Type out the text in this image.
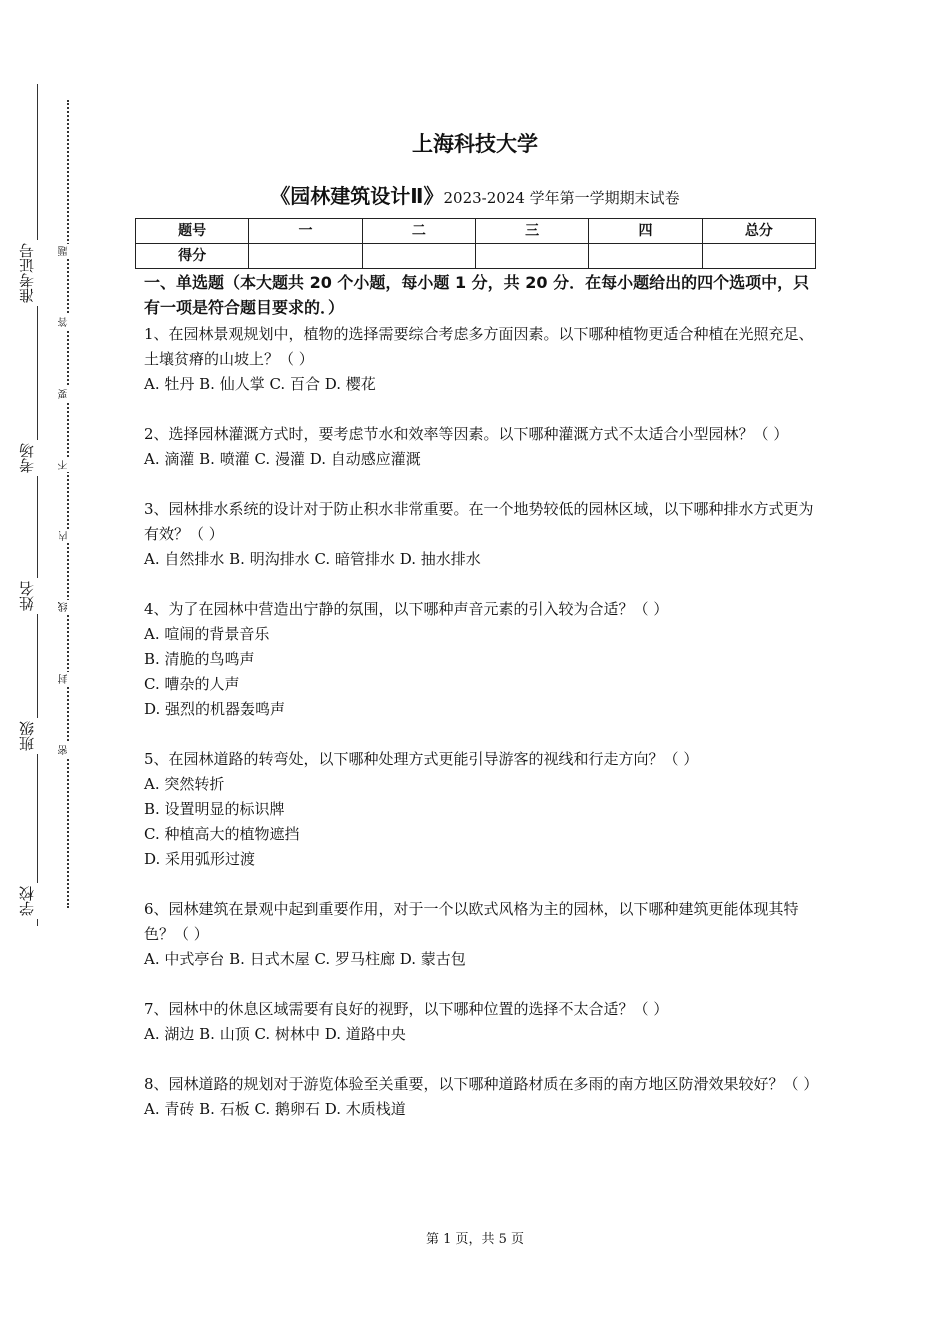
准考证号
考场
姓名
班级
学校
题
答
要
不
内
线
封
密
上海科技大学
《园林建筑设计Ⅱ》2023-2024 学年第一学期期末试卷
题号	一	二	三	四	总分
得分					
一、单选题（本大题共 20 个小题，每小题 1 分，共 20 分．在每小题给出的四个选项中，只有一项是符合题目要求的．）
1、在园林景观规划中，植物的选择需要综合考虑多方面因素。以下哪种植物更适合种植在光照充足、土壤贫瘠的山坡上？（ ）
A. 牡丹 B. 仙人掌 C. 百合 D. 樱花
2、选择园林灌溉方式时，要考虑节水和效率等因素。以下哪种灌溉方式不太适合小型园林？（ ）
A. 滴灌 B. 喷灌 C. 漫灌 D. 自动感应灌溉
3、园林排水系统的设计对于防止积水非常重要。在一个地势较低的园林区域，以下哪种排水方式更为有效？（ ）
A. 自然排水 B. 明沟排水 C. 暗管排水 D. 抽水排水
4、为了在园林中营造出宁静的氛围，以下哪种声音元素的引入较为合适？（ ）
A. 喧闹的背景音乐
B. 清脆的鸟鸣声
C. 嘈杂的人声
D. 强烈的机器轰鸣声
5、在园林道路的转弯处，以下哪种处理方式更能引导游客的视线和行走方向？（ ）
A. 突然转折
B. 设置明显的标识牌
C. 种植高大的植物遮挡
D. 采用弧形过渡
6、园林建筑在景观中起到重要作用，对于一个以欧式风格为主的园林，以下哪种建筑更能体现其特色？（ ）
A. 中式亭台 B. 日式木屋 C. 罗马柱廊 D. 蒙古包
7、园林中的休息区域需要有良好的视野，以下哪种位置的选择不太合适？（ ）
A. 湖边 B. 山顶 C. 树林中 D. 道路中央
8、园林道路的规划对于游览体验至关重要，以下哪种道路材质在多雨的南方地区防滑效果较好？（ ）
A. 青砖 B. 石板 C. 鹅卵石 D. 木质栈道
第 1 页，共 5 页
